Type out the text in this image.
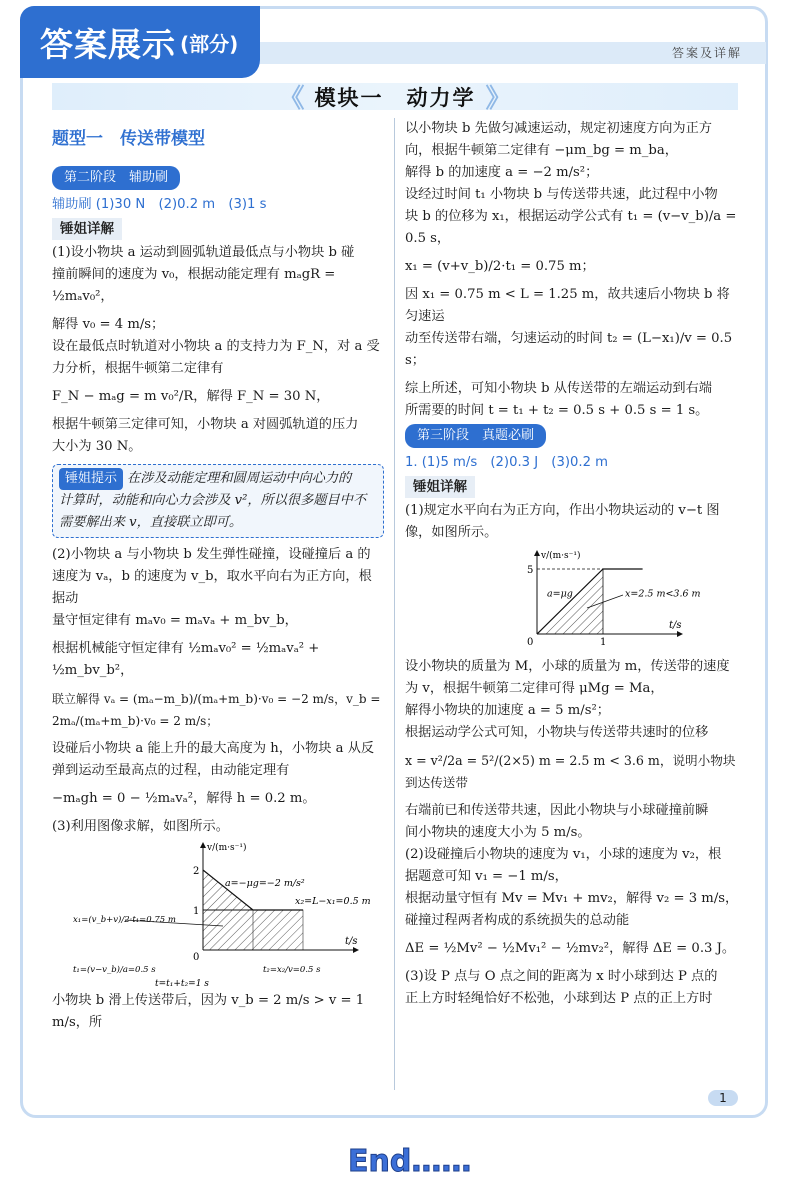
答案展示 (部分)	答案及详解
《 模块一　动力学 》
题型一　传送带模型
第二阶段　辅助刷

辅助刷 (1)30 N　(2)0.2 m　(3)1 s

锤姐详解

(1)设小物块 a 运动到圆弧轨道最低点与小物块 b 碰

撞前瞬间的速度为 v₀，根据动能定理有 mₐgR = ½mₐv₀²，

解得 v₀ = 4 m/s；

设在最低点时轨道对小物块 a 的支持力为 F_N，对 a 受

力分析，根据牛顿第二定律有

F_N − mₐg = m v₀²/R，解得 F_N = 30 N，

根据牛顿第三定律可知，小物块 a 对圆弧轨道的压力

大小为 30 N。

锤姐提示 在涉及动能定理和圆周运动中向心力的
计算时，动能和向心力会涉及 v²，所以很多题目中不
需要解出来 v，直接联立即可。

(2)小物块 a 与小物块 b 发生弹性碰撞，设碰撞后 a 的

速度为 vₐ，b 的速度为 v_b，取水平向右为正方向，根据动

量守恒定律有 mₐv₀ = mₐvₐ + m_bv_b，

根据机械能守恒定律有 ½mₐv₀² = ½mₐvₐ² + ½m_bv_b²，

联立解得 vₐ = (mₐ−m_b)/(mₐ+m_b)·v₀ = −2 m/s，v_b = 2mₐ/(mₐ+m_b)·v₀ = 2 m/s；

设碰后小物块 a 能上升的最大高度为 h，小物块 a 从反

弹到运动至最高点的过程，由动能定理有

−mₐgh = 0 − ½mₐvₐ²，解得 h = 0.2 m。

(3)利用图像求解，如图所示。

v/(m·s⁻¹)
t/s
2
1
0
a=−μg=−2 m/s²
x₂=L−x₁=0.5 m
x₁=(v_b+v)/2·t₁=0.75 m
t₁=(v−v_b)/a=0.5 s	t₂=x₂/v=0.5 s
t=t₁+t₂=1 s

小物块 b 滑上传送带后，因为 v_b = 2 m/s > v = 1 m/s，所

以小物块 b 先做匀减速运动，规定初速度方向为正方

向，根据牛顿第二定律有 −μm_bg = m_ba，

解得 b 的加速度 a = −2 m/s²；

设经过时间 t₁ 小物块 b 与传送带共速，此过程中小物

块 b 的位移为 x₁，根据运动学公式有 t₁ = (v−v_b)/a = 0.5 s，

x₁ = (v+v_b)/2·t₁ = 0.75 m；

因 x₁ = 0.75 m < L = 1.25 m，故共速后小物块 b 将匀速运

动至传送带右端，匀速运动的时间 t₂ = (L−x₁)/v = 0.5 s；

综上所述，可知小物块 b 从传送带的左端运动到右端

所需要的时间 t = t₁ + t₂ = 0.5 s + 0.5 s = 1 s。

第三阶段　真题必刷

1. (1)5 m/s　(2)0.3 J　(3)0.2 m

锤姐详解

(1)规定水平向右为正方向，作出小物块运动的 v−t 图

像，如图所示。

v/(m·s⁻¹)
t/s
5
0	1
a=μg	x=2.5 m<3.6 m

设小物块的质量为 M，小球的质量为 m，传送带的速度

为 v，根据牛顿第二定律可得 μMg = Ma，

解得小物块的加速度 a = 5 m/s²；

根据运动学公式可知，小物块与传送带共速时的位移

x = v²/2a = 5²/(2×5) m = 2.5 m < 3.6 m，说明小物块到达传送带

右端前已和传送带共速，因此小物块与小球碰撞前瞬

间小物块的速度大小为 5 m/s。

(2)设碰撞后小物块的速度为 v₁，小球的速度为 v₂，根

据题意可知 v₁ = −1 m/s，

根据动量守恒有 Mv = Mv₁ + mv₂，解得 v₂ = 3 m/s，

碰撞过程两者构成的系统损失的总动能

ΔE = ½Mv² − ½Mv₁² − ½mv₂²，解得 ΔE = 0.3 J。

(3)设 P 点与 O 点之间的距离为 x 时小球到达 P 点的

正上方时轻绳恰好不松弛，小球到达 P 点的正上方时

1
End……
